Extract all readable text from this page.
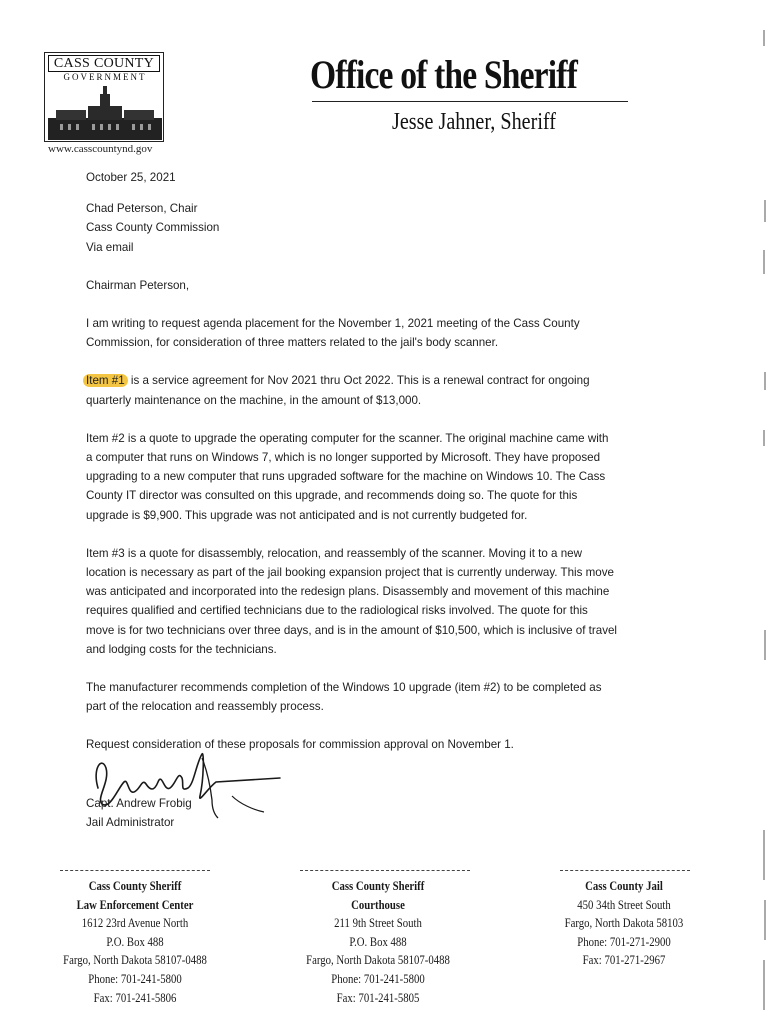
CASS COUNTY
GOVERNMENT
www.casscountynd.gov
Office of the Sheriff
Jesse Jahner, Sheriff

October 25, 2021

Chad Peterson, Chair

Cass County Commission

Via email

Chairman Peterson,

I am writing to request agenda placement for the November 1, 2021 meeting of the Cass County

Commission, for consideration of three matters related to the jail's body scanner.

Item #1 is a service agreement for Nov 2021 thru Oct 2022. This is a renewal contract for ongoing

quarterly maintenance on the machine, in the amount of $13,000.

Item #2 is a quote to upgrade the operating computer for the scanner. The original machine came with

a computer that runs on Windows 7, which is no longer supported by Microsoft. They have proposed

upgrading to a new computer that runs upgraded software for the machine on Windows 10. The Cass

County IT director was consulted on this upgrade, and recommends doing so. The quote for this

upgrade is $9,900. This upgrade was not anticipated and is not currently budgeted for.

Item #3 is a quote for disassembly, relocation, and reassembly of the scanner. Moving it to a new

location is necessary as part of the jail booking expansion project that is currently underway. This move

was anticipated and incorporated into the redesign plans. Disassembly and movement of this machine

requires qualified and certified technicians due to the radiological risks involved. The quote for this

move is for two technicians over three days, and is in the amount of $10,500, which is inclusive of travel

and lodging costs for the technicians.

The manufacturer recommends completion of the Windows 10 upgrade (item #2) to be completed as

part of the relocation and reassembly process.

Request consideration of these proposals for commission approval on November 1.

Capt. Andrew Frobig

Jail Administrator

Cass County Sheriff
Law Enforcement Center
1612 23rd Avenue North
P.O. Box 488
Fargo, North Dakota 58107-0488
Phone: 701-241-5800
Fax: 701-241-5806
Cass County Sheriff
Courthouse
211 9th Street South
P.O. Box 488
Fargo, North Dakota 58107-0488
Phone: 701-241-5800
Fax: 701-241-5805
Cass County Jail
450 34th Street South
Fargo, North Dakota 58103
Phone: 701-271-2900
Fax: 701-271-2967
